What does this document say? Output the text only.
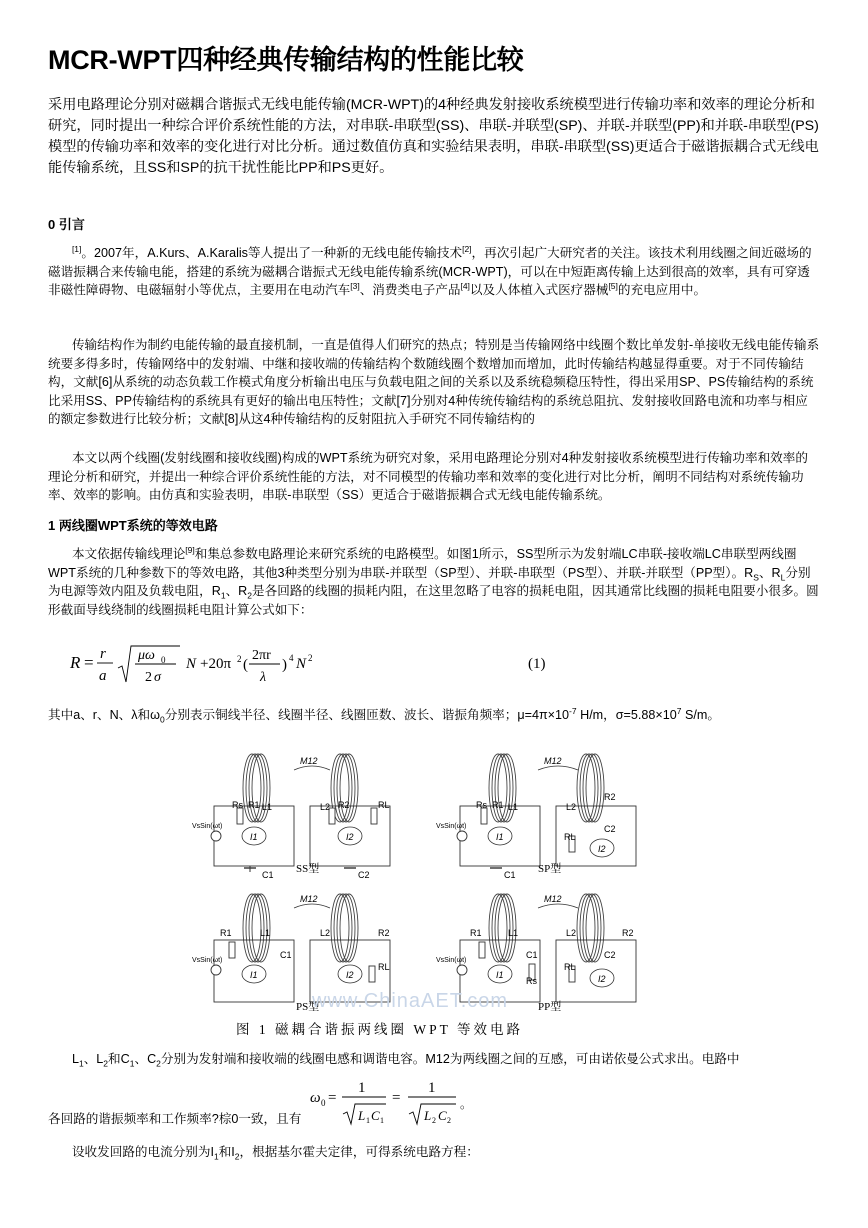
MCR-WPT四种经典传输结构的性能比较
采用电路理论分别对磁耦合谐振式无线电能传输(MCR-WPT)的4种经典发射接收系统模型进行传输功率和效率的理论分析和研究，同时提出一种综合评价系统性能的方法，对串联-串联型(SS)、串联-并联型(SP)、并联-并联型(PP)和并联-串联型(PS)模型的传输功率和效率的变化进行对比分析。通过数值仿真和实验结果表明，串联-串联型(SS)更适合于磁谐振耦合式无线电能传输系统，且SS和SP的抗干扰性能比PP和PS更好。
0 引言
[1]。2007年，A.Kurs、A.Karalis等人提出了一种新的无线电能传输技术[2]，再次引起广大研究者的关注。该技术利用线圈之间近磁场的磁谐振耦合来传输电能，搭建的系统为磁耦合谐振式无线电能传输系统(MCR-WPT)，可以在中短距离传输上达到很高的效率，具有可穿透非磁性障碍物、电磁辐射小等优点，主要用在电动汽车[3]、消费类电子产品[4]以及人体植入式医疗器械[5]的充电应用中。
传输结构作为制约电能传输的最直接机制，一直是值得人们研究的热点；特别是当传输网络中线圈个数比单发射-单接收无线电能传输系统要多得多时，传输网络中的发射端、中继和接收端的传输结构个数随线圈个数增加而增加，此时传输结构越显得重要。对于不同传输结构，文献[6]从系统的动态负载工作模式角度分析输出电压与负载电阻之间的关系以及系统稳频稳压特性，得出采用SP、PS传输结构的系统比采用SS、PP传输结构的系统具有更好的输出电压特性；文献[7]分别对4种传统传输结构的系统总阻抗、发射接收回路电流和功率与相应的额定参数进行比较分析；文献[8]从这4种传输结构的反射阻抗入手研究不同传输结构的
本文以两个线圈(发射线圈和接收线圈)构成的WPT系统为研究对象，采用电路理论分别对4种发射接收系统模型进行传输功率和效率的理论分析和研究，并提出一种综合评价系统性能的方法，对不同模型的传输功率和效率的变化进行对比分析，阐明不同结构对系统传输功率、效率的影响。由仿真和实验表明，串联-串联型（SS）更适合于磁谐振耦合式无线电能传输系统。
1 两线圈WPT系统的等效电路
本文依据传输线理论[9]和集总参数电路理论来研究系统的电路模型。如图1所示，SS型所示为发射端LC串联-接收端LC串联型两线圈WPT系统的几种参数下的等效电路，其他3种类型分别为串联-并联型（SP型）、并联-串联型（PS型）、并联-并联型（PP型）。$R_S$、$R_L$分别为电源等效内阻及负载电阻，$R_1$、$R_2$是各回路的线圈的损耗内阻，在这里忽略了电容的损耗电阻，因其通常比线圈的损耗电阻要小很多。圆形截面导线绕制的线圈损耗电阻计算公式如下：
R = r
a
μω 0
2 σ
N +20π 2 (
2πr
λ
) 4 N 2	(1)
其中a、r、N、λ和$\omega_0$分别表示铜线半径、线圈半径、线圈匝数、波长、谐振角频率；$\mu=4\pi\times 10^{-7}$ H/m，$\sigma=5.88\times 10^7$ S/m。
$L_1$、$L_2$和$C_1$、$C_2$分别为发射端和接收端的线圈电感和调谐电容。M12为两线圈之间的互感，可由诺依曼公式求出。电路中
各回路的谐振频率和工作频率?棕0一致，且有
设收发回路的电流分别为$I_1$和$I_2$，根据基尔霍夫定律，可得系统电路方程：
M12
L1	L2
Rs R1	R2	RL
VsSin(ωt)
I1	I2
C1	C2
SS型
M12
L1	L2
Rs R1
R2
C2
RL
VsSin(ωt)
I1
I2
C1 SP型
M12
R1	L1	L2	R2
C1
RL
VsSin(ωt)
I1	I2
PS型
M12
R1	L1	L2	R2
C1	C2
Rs
RL
VsSin(ωt)
I1	I2
PP型
www.ChinaAET.com
图 1 磁耦合谐振两线圈 WPT 等效电路
ω 0 =
1
L 1 C 1
=
1
L 2 C 2
。
